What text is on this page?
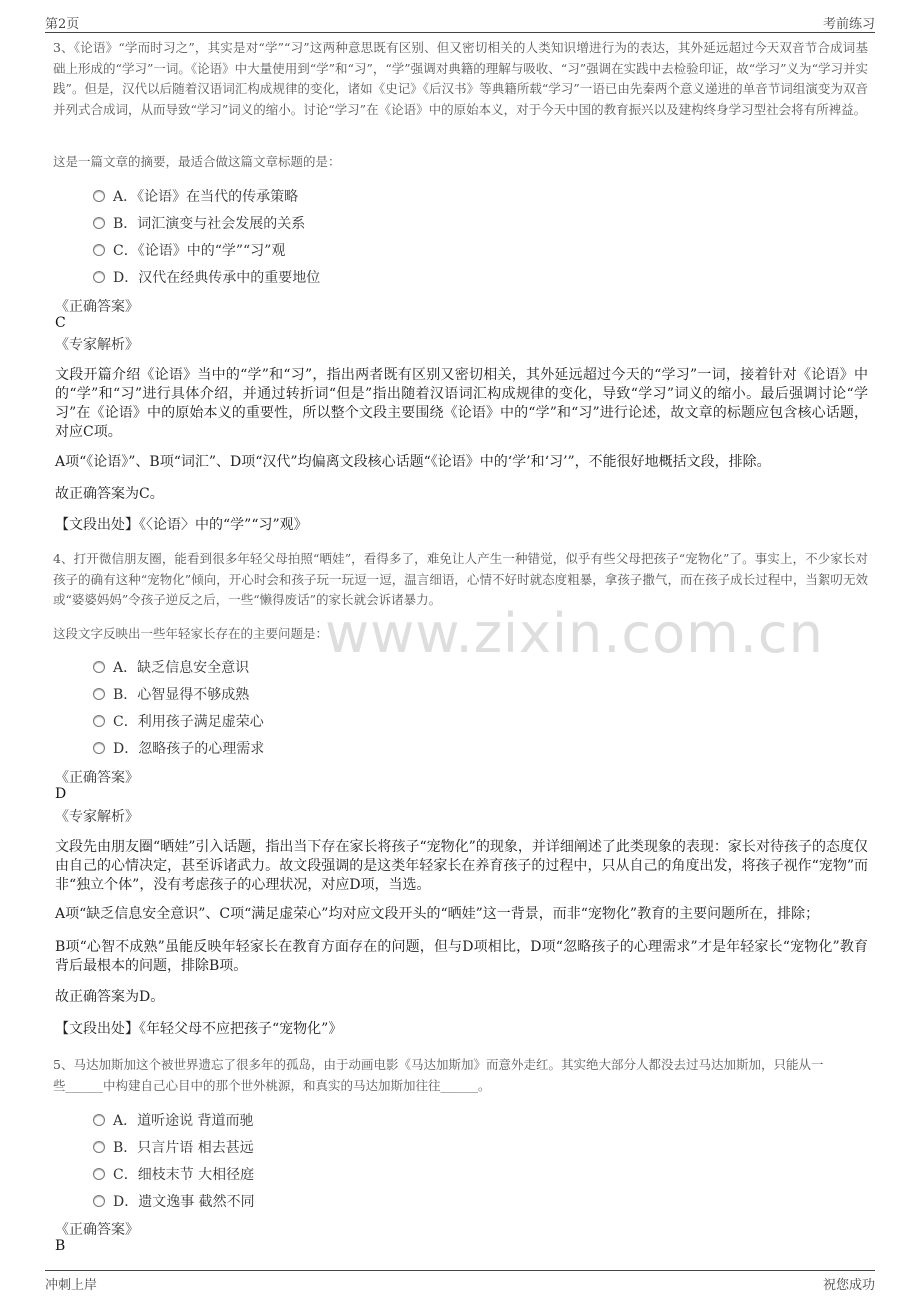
第2页	考前练习
www.zixin.com.cn
3、《论语》“学而时习之”，其实是对“学”“习”这两种意思既有区别、但又密切相关的人类知识增进行为的表达，其外延远超过今天双音节合成词基础上形成的“学习”一词。《论语》中大量使用到“学”和“习”，“学”强调对典籍的理解与吸收、“习”强调在实践中去检验印证，故“学习”义为“学习并实践”。但是，汉代以后随着汉语词汇构成规律的变化，诸如《史记》《后汉书》等典籍所载“学习”一语已由先秦两个意义递进的单音节词组演变为双音并列式合成词，从而导致“学习”词义的缩小。讨论“学习”在《论语》中的原始本义，对于今天中国的教育振兴以及建构终身学习型社会将有所裨益。
这是一篇文章的摘要，最适合做这篇文章标题的是：
A．《论语》在当代的传承策略
B．词汇演变与社会发展的关系
C．《论语》中的“学”“习”观
D．汉代在经典传承中的重要地位
《正确答案》
C
《专家解析》
文段开篇介绍《论语》当中的“学”和“习”，指出两者既有区别又密切相关，其外延远超过今天的“学习”一词，接着针对《论语》中的“学”和“习”进行具体介绍，并通过转折词“但是”指出随着汉语词汇构成规律的变化，导致“学习”词义的缩小。最后强调讨论“学习”在《论语》中的原始本义的重要性，所以整个文段主要围绕《论语》中的“学”和“习”进行论述，故文章的标题应包含核心话题，对应C项。
A项“《论语》”、B项“词汇”、D项“汉代”均偏离文段核心话题“《论语》中的‘学’和‘习’”，不能很好地概括文段，排除。
故正确答案为C。
【文段出处】《〈论语〉中的“学”“习”观》
4、打开微信朋友圈，能看到很多年轻父母拍照“晒娃”，看得多了，难免让人产生一种错觉，似乎有些父母把孩子“宠物化”了。事实上，不少家长对孩子的确有这种“宠物化”倾向，开心时会和孩子玩一玩逗一逗，温言细语，心情不好时就态度粗暴，拿孩子撒气，而在孩子成长过程中，当絮叨无效或“婆婆妈妈”令孩子逆反之后，一些“懒得废话”的家长就会诉诸暴力。
这段文字反映出一些年轻家长存在的主要问题是：
A．缺乏信息安全意识
B．心智显得不够成熟
C．利用孩子满足虚荣心
D．忽略孩子的心理需求
《正确答案》
D
《专家解析》
文段先由朋友圈“晒娃”引入话题，指出当下存在家长将孩子“宠物化”的现象，并详细阐述了此类现象的表现：家长对待孩子的态度仅由自己的心情决定，甚至诉诸武力。故文段强调的是这类年轻家长在养育孩子的过程中，只从自己的角度出发，将孩子视作“宠物”而非“独立个体”，没有考虑孩子的心理状况，对应D项，当选。
A项“缺乏信息安全意识”、C项“满足虚荣心”均对应文段开头的“晒娃”这一背景，而非“宠物化”教育的主要问题所在，排除；
B项“心智不成熟”虽能反映年轻家长在教育方面存在的问题，但与D项相比，D项“忽略孩子的心理需求”才是年轻家长“宠物化”教育背后最根本的问题，排除B项。
故正确答案为D。
【文段出处】《年轻父母不应把孩子“宠物化”》
5、马达加斯加这个被世界遗忘了很多年的孤岛，由于动画电影《马达加斯加》而意外走红。其实绝大部分人都没去过马达加斯加，只能从一
些______中构建自己心目中的那个世外桃源，和真实的马达加斯加往往______。
A．道听途说 背道而驰
B．只言片语 相去甚远
C．细枝末节 大相径庭
D．遗文逸事 截然不同
《正确答案》
B
冲刺上岸	祝您成功
